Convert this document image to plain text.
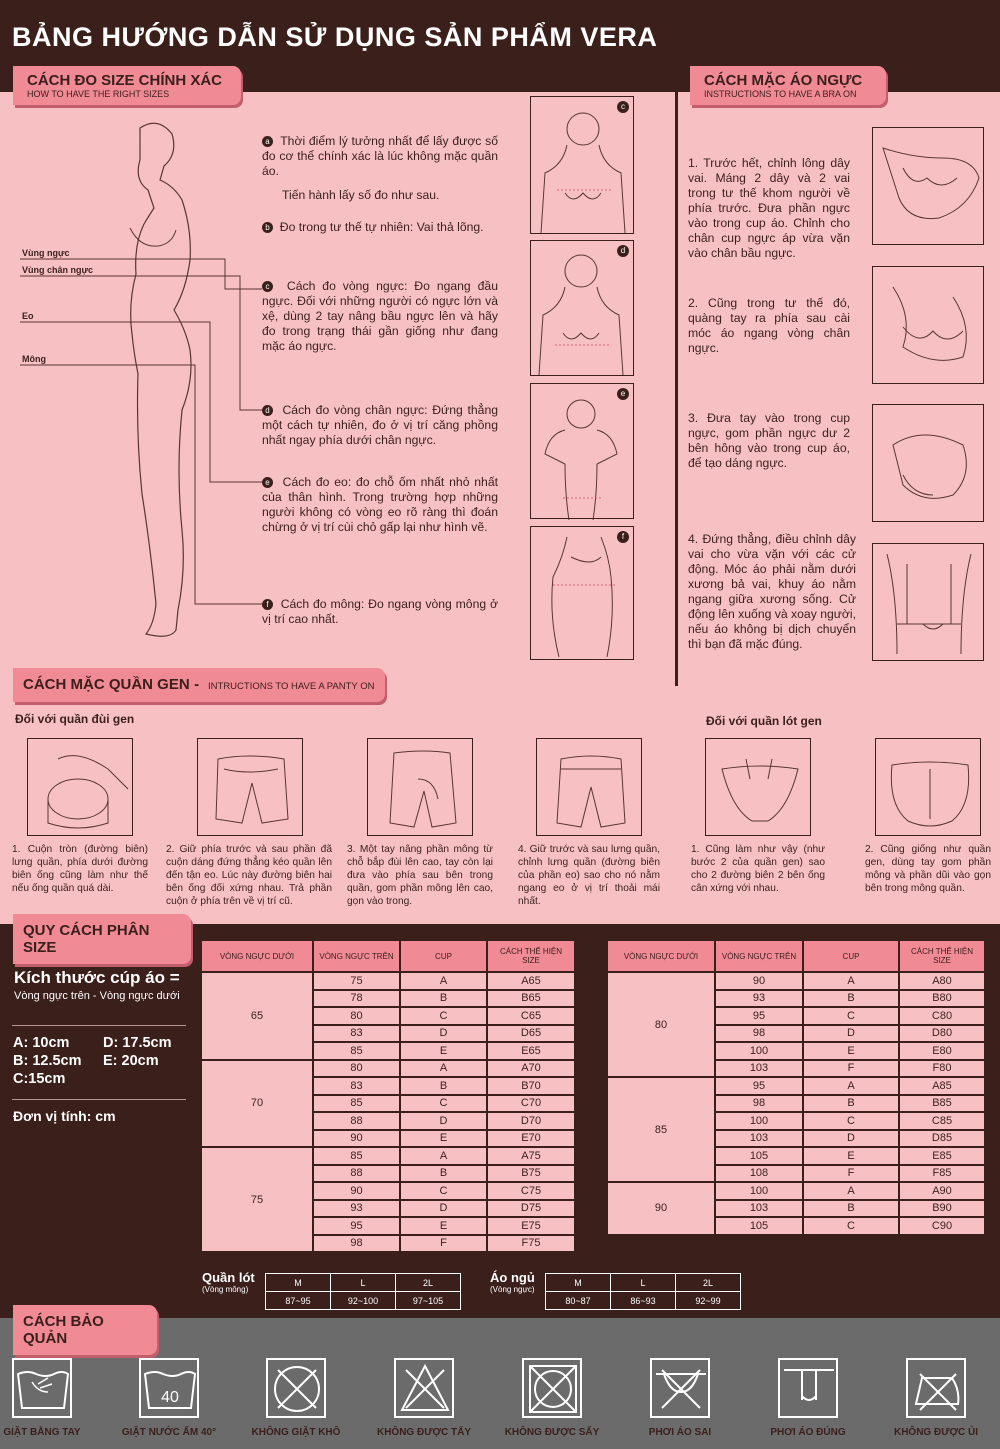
BẢNG HƯỚNG DẪN SỬ DỤNG SẢN PHẨM VERA
CÁCH ĐO SIZE CHÍNH XÁC
HOW TO HAVE THE RIGHT SIZES
Vùng ngực
Vùng chân ngực
Eo
Mông
a Thời điểm lý tưởng nhất để lấy được số đo cơ thể chính xác là lúc không mặc quần áo.
Tiến hành lấy số đo như sau.
b Đo trong tư thế tự nhiên: Vai thả lõng.
c Cách đo vòng ngực: Đo ngang đầu ngực. Đối với những người có ngực lớn và xệ, dùng 2 tay nâng bầu ngực lên và hãy đo trong trạng thái gần giống như đang mặc áo ngực.
d Cách đo vòng chân ngực: Đứng thẳng một cách tự nhiên, đo ở vị trí căng phồng nhất ngay phía dưới chân ngực.
e Cách đo eo: đo chỗ ốm nhất nhỏ nhất của thân hình. Trong trường hợp những người không có vòng eo rõ ràng thì đoán chừng ở vị trí cùi chỏ gấp lại như hình vẽ.
f Cách đo mông: Đo ngang vòng mông ở vị trí cao nhất.
c
d
e
f
CÁCH MẶC ÁO NGỰC
INSTRUCTIONS TO HAVE A BRA ON
1. Trước hết, chỉnh lông dây vai. Máng 2 dây và 2 vai trong tư thế khom người về phía trước. Đưa phần ngực vào trong cup áo. Chỉnh cho chân cup ngực áp vừa vặn vào chân bầu ngực.
2. Cũng trong tư thế đó, quàng tay ra phía sau cài móc áo ngang vòng chân ngực.
3. Đưa tay vào trong cup ngực, gom phần ngực dư 2 bên hông vào trong cup áo, để tạo dáng ngực.
4. Đứng thẳng, điều chỉnh dây vai cho vừa vặn với các cử động. Móc áo phải nằm dưới xương bả vai, khuy áo nằm ngang giữa xương sống. Cử động lên xuống và xoay người, nếu áo không bị dịch chuyển thì bạn đã mặc đúng.
CÁCH MẶC QUẦN GEN - INTRUCTIONS TO HAVE A PANTY ON
Đối với quần đùi gen	Đối với quần lót gen
1. Cuộn tròn (đường biên) lưng quần, phía dưới đường biên ống cũng làm như thế nếu ống quần quá dài.
2. Giữ phía trước và sau phần đã cuộn dáng đứng thẳng kéo quần lên đến tận eo. Lúc này đường biên hai bên ống đối xứng nhau. Trả phần cuộn ở phía trên về vị trí cũ.
3. Một tay nâng phần mông từ chỗ bắp đùi lên cao, tay còn lại đưa vào phía sau bên trong quần, gom phần mông lên cao, gọn vào trong.
4. Giữ trước và sau lưng quần, chỉnh lưng quần (đường biên của phần eo) sao cho nó nằm ngang eo ở vị trí thoải mái nhất.
1. Cũng làm như vậy (như bước 2 của quần gen) sao cho 2 đường biên 2 bên ống cân xứng với nhau.
2. Cũng giống như quần gen, dùng tay gom phần mông và phần dũi vào gọn bên trong mông quần.
QUY CÁCH PHÂN SIZE
Kích thước cúp áo =
Vòng ngực trên - Vòng ngực dưới
A: 10cm D: 17.5cm
B: 12.5cm E: 20cm
C:15cm
Đơn vị tính: cm
VÒNG NGỰC DƯỚI	VÒNG NGỰC TRÊN	CUP	CÁCH THỂ HIỆN SIZE
65	75	A	A65
	78	B	B65
	80	C	C65
	83	D	D65
	85	E	E65
70	80	A	A70
	83	B	B70
	85	C	C70
	88	D	D70
	90	E	E70
75	85	A	A75
	88	B	B75
	90	C	C75
	93	D	D75
	95	E	E75
	98	F	F75
VÒNG NGỰC DƯỚI	VÒNG NGỰC TRÊN	CUP	CÁCH THỂ HIỆN SIZE
80	90	A	A80
	93	B	B80
	95	C	C80
	98	D	D80
	100	E	E80
	103	F	F80
85	95	A	A85
	98	B	B85
	100	C	C85
	103	D	D85
	105	E	E85
	108	F	F85
90	100	A	A90
	103	B	B90
	105	C	C90
Quần lót
(Vòng mông)
M	L	2L
87~95	92~100	97~105
Áo ngủ
(Vòng ngực)
M	L	2L
80~87	86~93	92~99
CÁCH BẢO QUẢN
GIẶT BẰNG TAY
40
GIẶT NƯỚC ẤM 40°	KHÔNG GIẶT KHÔ	KHÔNG ĐƯỢC TẨY	KHÔNG ĐƯỢC SẤY	PHƠI ÁO SAI	PHƠI ÁO ĐÚNG	KHÔNG ĐƯỢC ỦI
